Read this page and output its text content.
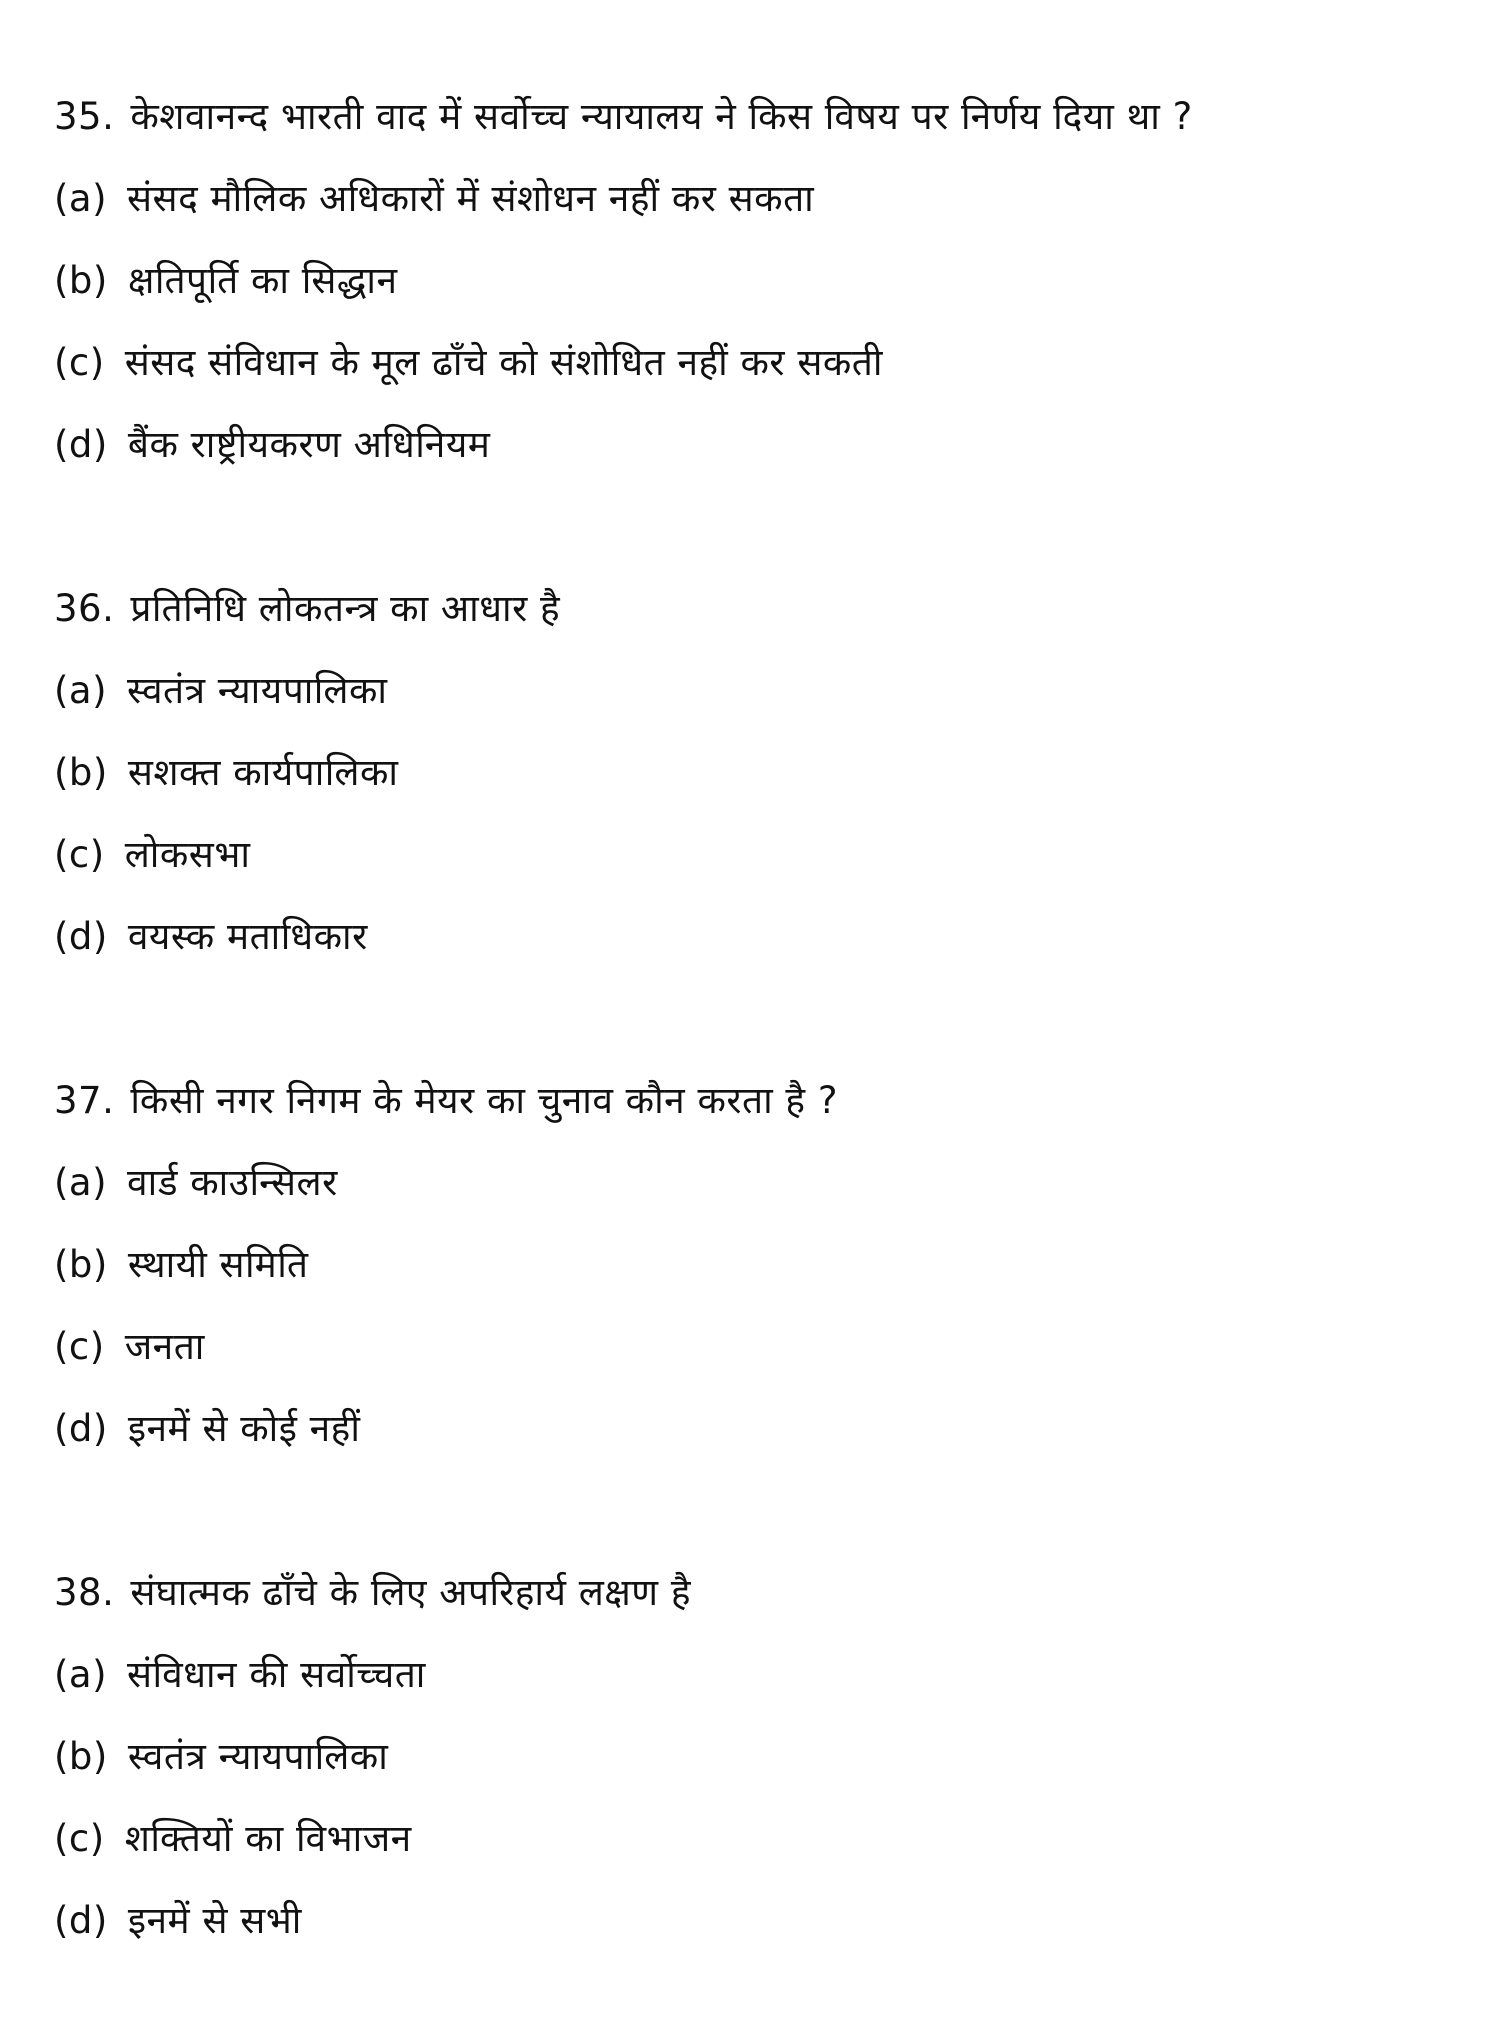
35. केशवानन्द भारती वाद में सर्वोच्च न्यायालय ने किस विषय पर निर्णय दिया था ?
(a) संसद मौलिक अधिकारों में संशोधन नहीं कर सकता
(b) क्षतिपूर्ति का सिद्धान
(c) संसद संविधान के मूल ढाँचे को संशोधित नहीं कर सकती
(d) बैंक राष्ट्रीयकरण अधिनियम
36. प्रतिनिधि लोकतन्त्र का आधार है
(a) स्वतंत्र न्यायपालिका
(b) सशक्त कार्यपालिका
(c) लोकसभा
(d) वयस्क मताधिकार
37. किसी नगर निगम के मेयर का चुनाव कौन करता है ?
(a) वार्ड काउन्सिलर
(b) स्थायी समिति
(c) जनता
(d) इनमें से कोई नहीं
38. संघात्मक ढाँचे के लिए अपरिहार्य लक्षण है
(a) संविधान की सर्वोच्चता
(b) स्वतंत्र न्यायपालिका
(c) शक्तियों का विभाजन
(d) इनमें से सभी
